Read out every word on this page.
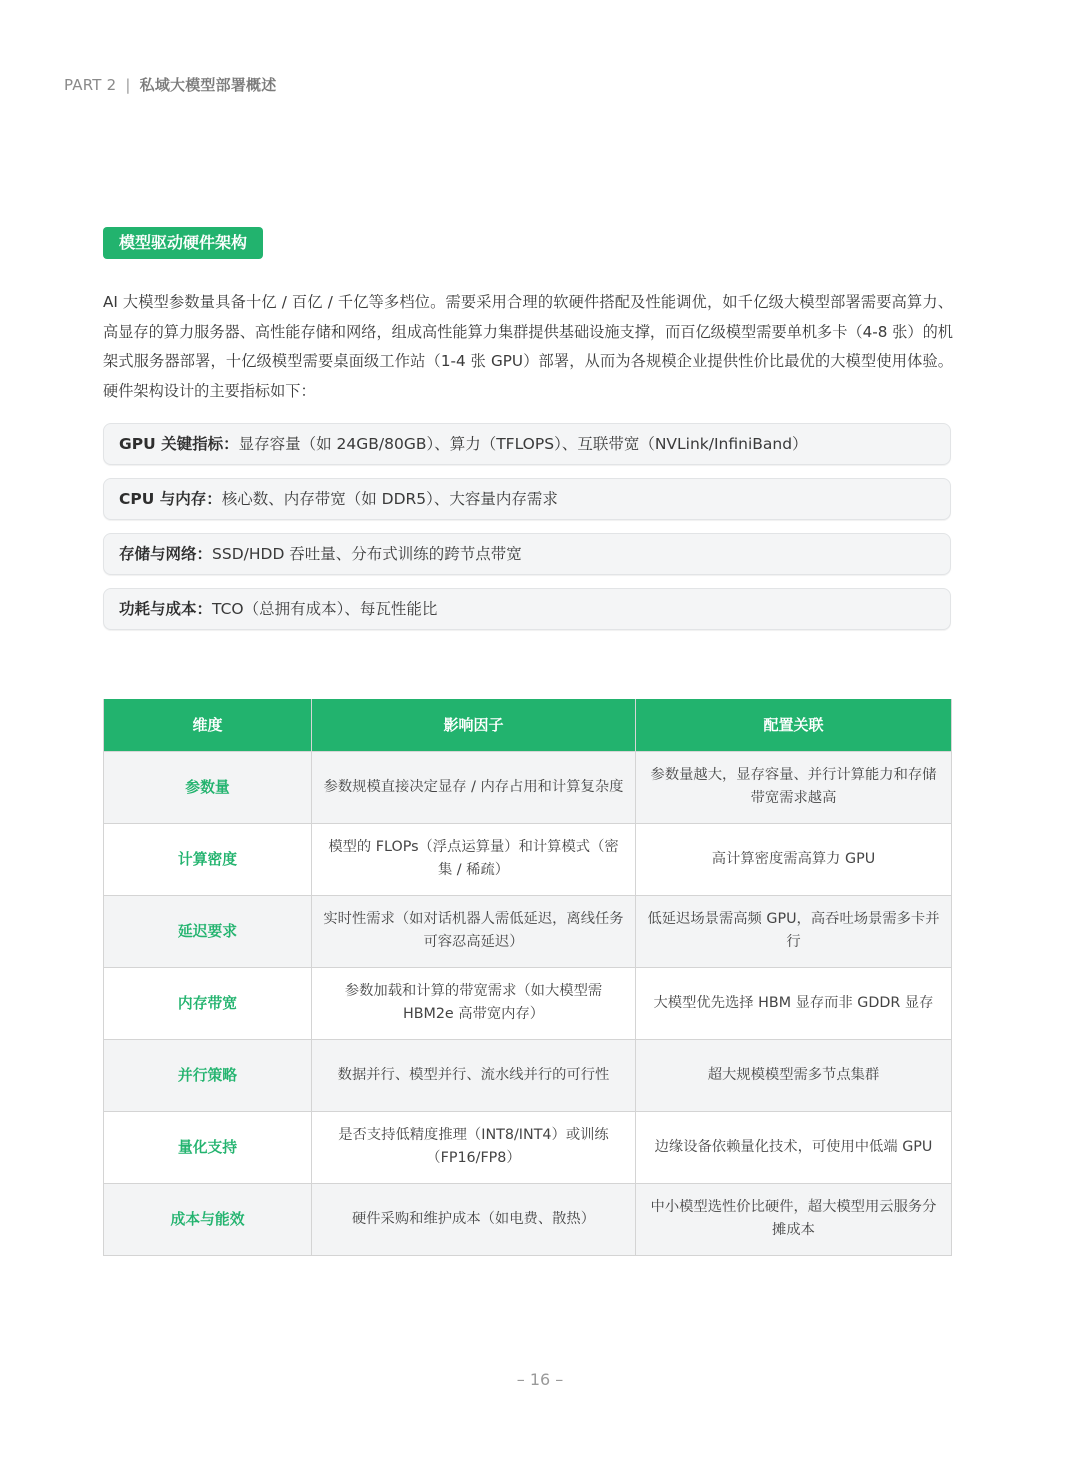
PART 2 | 私域大模型部署概述
模型驱动硬件架构

AI 大模型参数量具备十亿 / 百亿 / 千亿等多档位。需要采用合理的软硬件搭配及性能调优，如千亿级大模型部署需要高算力、高显存的算力服务器、高性能存储和网络，组成高性能算力集群提供基础设施支撑，而百亿级模型需要单机多卡（4-8 张）的机架式服务器部署，十亿级模型需要桌面级工作站（1-4 张 GPU）部署，从而为各规模企业提供性价比最优的大模型使用体验。硬件架构设计的主要指标如下：

GPU 关键指标：显存容量（如 24GB/80GB）、算力（TFLOPS）、互联带宽（NVLink/InfiniBand）
CPU 与内存：核心数、内存带宽（如 DDR5）、大容量内存需求
存储与网络：SSD/HDD 吞吐量、分布式训练的跨节点带宽
功耗与成本：TCO（总拥有成本）、每瓦性能比
维度	影响因子	配置关联
参数量	参数规模直接决定显存 / 内存占用和计算复杂度	参数量越大，显存容量、并行计算能力和存储带宽需求越高
计算密度	模型的 FLOPs（浮点运算量）和计算模式（密集 / 稀疏）	高计算密度需高算力 GPU
延迟要求	实时性需求（如对话机器人需低延迟，离线任务可容忍高延迟）	低延迟场景需高频 GPU，高吞吐场景需多卡并行
内存带宽	参数加载和计算的带宽需求（如大模型需 HBM2e 高带宽内存）	大模型优先选择 HBM 显存而非 GDDR 显存
并行策略	数据并行、模型并行、流水线并行的可行性	超大规模模型需多节点集群
量化支持	是否支持低精度推理（INT8/INT4）或训练（FP16/FP8）	边缘设备依赖量化技术，可使用中低端 GPU
成本与能效	硬件采购和维护成本（如电费、散热）	中小模型选性价比硬件，超大模型用云服务分摊成本
– 16 –
